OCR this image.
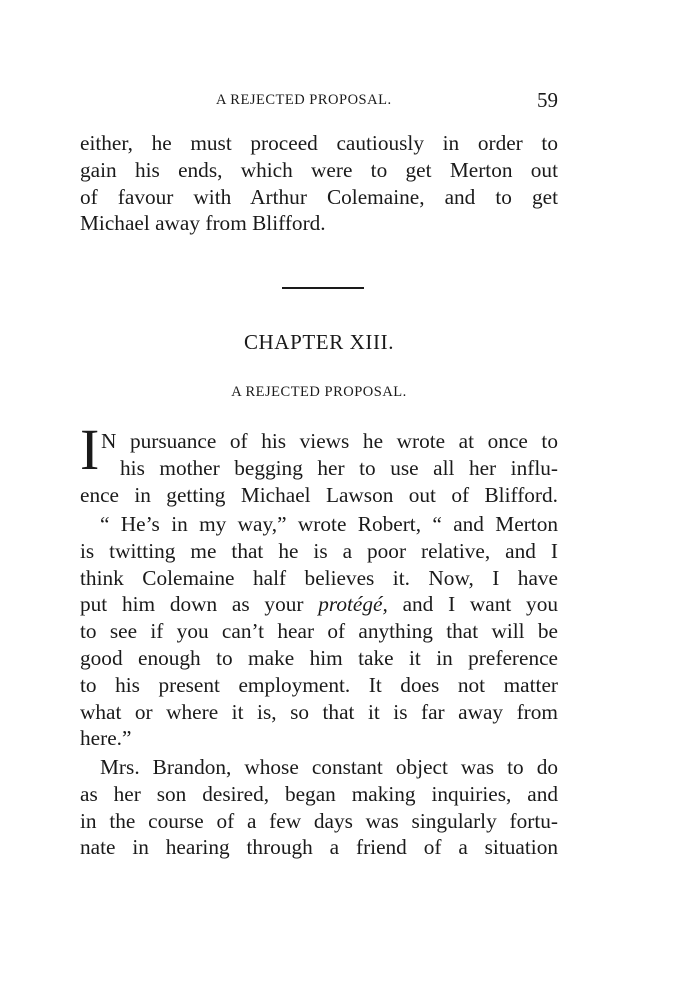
A REJECTED PROPOSAL.	59
either, he must proceed cautiously in order to
gain his ends, which were to get Merton out
of favour with Arthur Colemaine, and to get
Michael away from Blifford.
CHAPTER XIII.
A REJECTED PROPOSAL.
I N pursuance of his views he wrote at once to
his mother begging her to use all her influ-
ence in getting Michael Lawson out of Blifford.
“ He’s in my way,” wrote Robert, “ and Merton
is twitting me that he is a poor relative, and I
think Colemaine half believes it. Now, I have
put him down as your protégé, and I want you
to see if you can’t hear of anything that will be
good enough to make him take it in preference
to his present employment. It does not matter
what or where it is, so that it is far away from
here.”
Mrs. Brandon, whose constant object was to do
as her son desired, began making inquiries, and
in the course of a few days was singularly fortu-
nate in hearing through a friend of a situation
